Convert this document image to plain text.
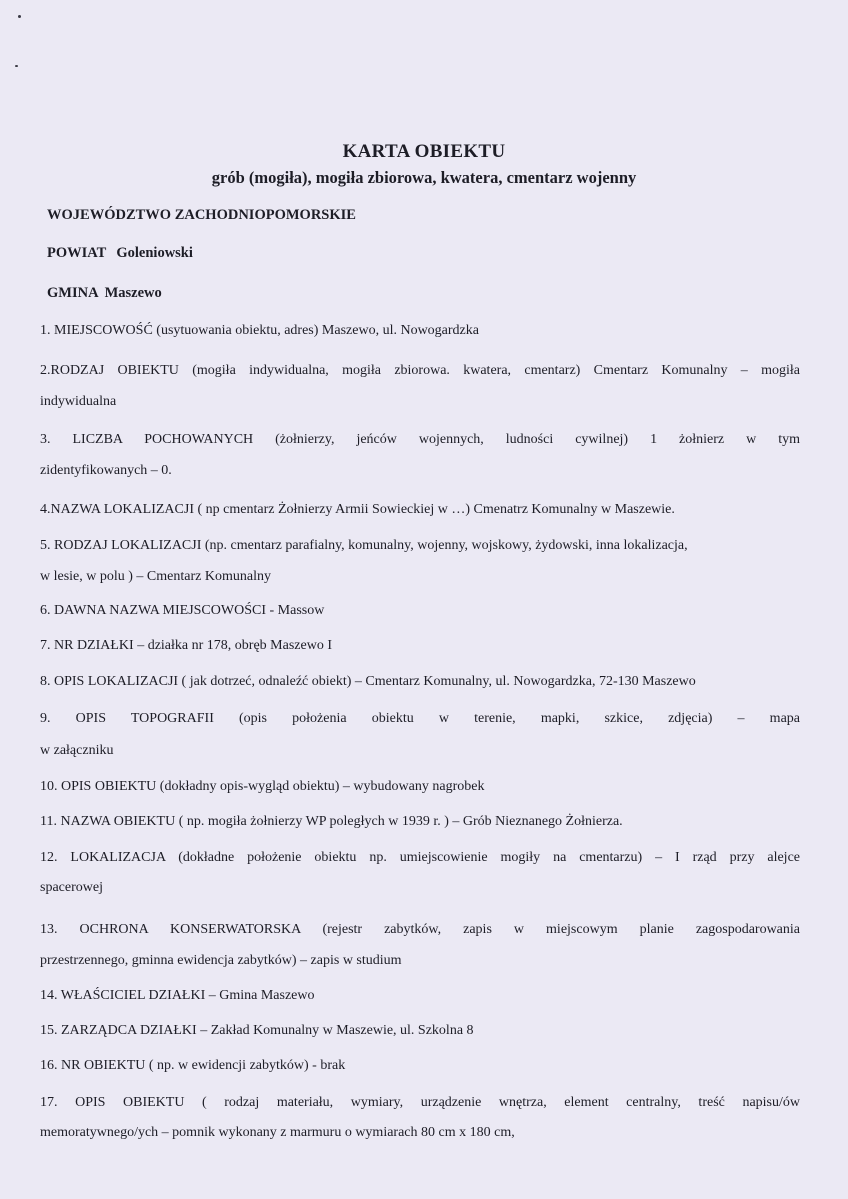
KARTA OBIEKTU
grób (mogiła), mogiła zbiorowa, kwatera, cmentarz wojenny
WOJEWÓDZTWO ZACHODNIOPOMORSKIE
POWIAT Goleniowski
GMINA Maszewo
1. MIEJSCOWOŚĆ (usytuowania obiektu, adres) Maszewo, ul. Nowogardzka
2.RODZAJ OBIEKTU (mogiła indywidualna, mogiła zbiorowa. kwatera, cmentarz) Cmentarz Komunalny – mogiła
indywidualna
3. LICZBA POCHOWANYCH (żołnierzy, jeńców wojennych, ludności cywilnej) 1 żołnierz w tym
zidentyfikowanych – 0.
4.NAZWA LOKALIZACJI ( np cmentarz Żołnierzy Armii Sowieckiej w …) Cmenatrz Komunalny w Maszewie.
5. RODZAJ LOKALIZACJI (np. cmentarz parafialny, komunalny, wojenny, wojskowy, żydowski, inna lokalizacja,
w lesie, w polu ) – Cmentarz Komunalny
6. DAWNA NAZWA MIEJSCOWOŚCI - Massow
7. NR DZIAŁKI – działka nr 178, obręb Maszewo I
8. OPIS LOKALIZACJI ( jak dotrzeć, odnaleźć obiekt) – Cmentarz Komunalny, ul. Nowogardzka, 72-130 Maszewo
9. OPIS TOPOGRAFII (opis położenia obiektu w terenie, mapki, szkice, zdjęcia) – mapa
w załączniku
10. OPIS OBIEKTU (dokładny opis-wygląd obiektu) – wybudowany nagrobek
11. NAZWA OBIEKTU ( np. mogiła żołnierzy WP poległych w 1939 r. ) – Grób Nieznanego Żołnierza.
12. LOKALIZACJA (dokładne położenie obiektu np. umiejscowienie mogiły na cmentarzu) – I rząd przy alejce
spacerowej
13. OCHRONA KONSERWATORSKA (rejestr zabytków, zapis w miejscowym planie zagospodarowania
przestrzennego, gminna ewidencja zabytków) – zapis w studium
14. WŁAŚCICIEL DZIAŁKI – Gmina Maszewo
15. ZARZĄDCA DZIAŁKI – Zakład Komunalny w Maszewie, ul. Szkolna 8
16. NR OBIEKTU ( np. w ewidencji zabytków) - brak
17. OPIS OBIEKTU ( rodzaj materiału, wymiary, urządzenie wnętrza, element centralny, treść napisu/ów
memoratywnego/ych – pomnik wykonany z marmuru o wymiarach 80 cm x 180 cm,
